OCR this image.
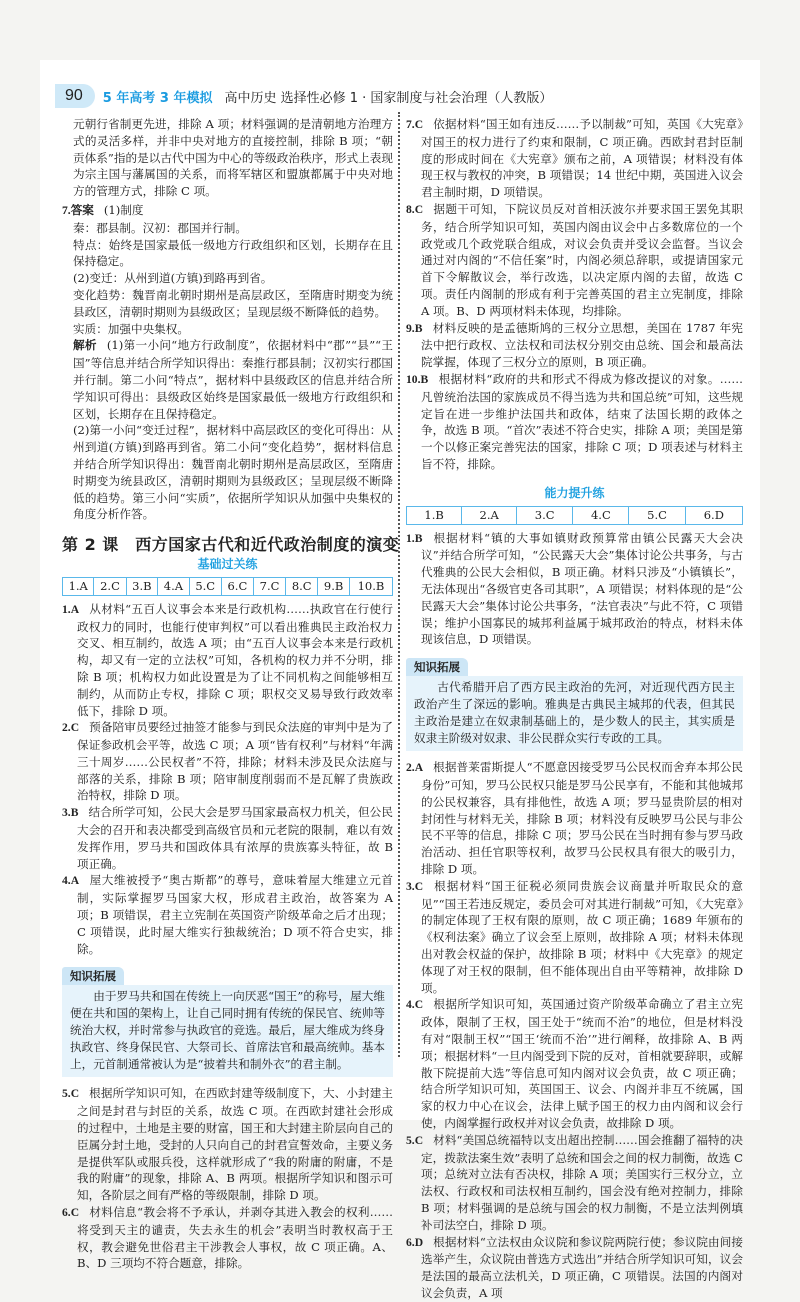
90	5 年高考 3 年模拟 高中历史 选择性必修 1 · 国家制度与社会治理（人教版）
元朝行省制更先进，排除 A 项；材料强调的是清朝地方治理方式的灵活多样，并非中央对地方的直接控制，排除 B 项；“朝贡体系”指的是以古代中国为中心的等级政治秩序，形式上表现为宗主国与藩属国的关系，而将军辖区和盟旗都属于中央对地方的管理方式，排除 C 项。
7.答案 (1)制度
秦：郡县制。汉初：郡国并行制。
特点：始终是国家最低一级地方行政组织和区划，长期存在且保持稳定。
(2)变迁：从州到道(方镇)到路再到省。
变化趋势：魏晋南北朝时期州是高层政区，至隋唐时期变为统县政区，清朝时期则为县级政区；呈现层级不断降低的趋势。
实质：加强中央集权。
解析 (1)第一小问“地方行政制度”，依据材料中“郡”“县”“王国”等信息并结合所学知识得出：秦推行郡县制；汉初实行郡国并行制。第二小问“特点”，据材料中县级政区的信息并结合所学知识可得出：县级政区始终是国家最低一级地方行政组织和区划，长期存在且保持稳定。
(2)第一小问“变迁过程”，据材料中高层政区的变化可得出：从州到道(方镇)到路再到省。第二小问“变化趋势”，据材料信息并结合所学知识得出：魏晋南北朝时期州是高层政区，至隋唐时期变为统县政区，清朝时期则为县级政区；呈现层级不断降低的趋势。第三小问“实质”，依据所学知识从加强中央集权的角度分析作答。
第 2 课　西方国家古代和近代政治制度的演变
基础过关练
1.A	2.C	3.B	4.A	5.C	6.C	7.C	8.C	9.B	10.B
1.A 从材料“五百人议事会本来是行政机构……执政官在行使行政权力的同时，也能行使审判权”可以看出雅典民主政治权力交叉、相互制约，故选 A 项；由“五百人议事会本来是行政机构，却又有一定的立法权”可知，各机构的权力并不分明，排除 B 项；机构权力如此设置是为了让不同机构之间能够相互制约，从而防止专权，排除 C 项；职权交叉易导致行政效率低下，排除 D 项。
2.C 预备陪审员要经过抽签才能参与到民众法庭的审判中是为了保证参政机会平等，故选 C 项；A 项“皆有权利”与材料“年满三十周岁……公民权者”不符，排除；材料未涉及民众法庭与部落的关系，排除 B 项；陪审制度削弱而不是瓦解了贵族政治特权，排除 D 项。
3.B 结合所学可知，公民大会是罗马国家最高权力机关，但公民大会的召开和表决都受到高级官员和元老院的限制，难以有效发挥作用，罗马共和国政体具有浓厚的贵族寡头特征，故 B 项正确。
4.A 屋大维被授予“奥古斯都”的尊号，意味着屋大维建立元首制，实际掌握罗马国家大权，形成君主政治，故答案为 A 项；B 项错误，君主立宪制在英国资产阶级革命之后才出现；C 项错误，此时屋大维实行独裁统治；D 项不符合史实，排除。
知识拓展
由于罗马共和国在传统上一向厌恶“国王”的称号，屋大维便在共和国的架构上，让自己同时拥有传统的保民官、统帅等统治大权，并时常参与执政官的竞选。最后，屋大维成为终身执政官、终身保民官、大祭司长、首席法官和最高统帅。基本上，元首制通常被认为是“披着共和制外衣”的君主制。
5.C 根据所学知识可知，在西欧封建等级制度下，大、小封建主之间是封君与封臣的关系，故选 C 项。在西欧封建社会形成的过程中，土地是主要的财富，国王和大封建主阶层向自己的臣属分封土地，受封的人只向自己的封君宣誓效命，主要义务是提供军队或服兵役，这样就形成了“我的附庸的附庸，不是我的附庸”的现象，排除 A、B 两项。根据所学知识和图示可知，各阶层之间有严格的等级限制，排除 D 项。
6.C 材料信息“教会将不予承认，并剥夺其进入教会的权利……将受到天主的谴责，失去永生的机会”表明当时教权高于王权，教会避免世俗君主干涉教会人事权，故 C 项正确。A、B、D 三项均不符合题意，排除。
7.C 依据材料“国王如有违反……予以制裁”可知，英国《大宪章》对国王的权力进行了约束和限制，C 项正确。西欧封君封臣制度的形成时间在《大宪章》颁布之前，A 项错误；材料没有体现王权与教权的冲突，B 项错误；14 世纪中期，英国进入议会君主制时期，D 项错误。
8.C 据题干可知，下院议员反对首相沃波尔并要求国王罢免其职务，结合所学知识可知，英国内阁由议会中占多数席位的一个政党或几个政党联合组成，对议会负责并受议会监督。当议会通过对内阁的“不信任案”时，内阁必须总辞职，或提请国家元首下令解散议会，举行改选，以决定原内阁的去留，故选 C 项。责任内阁制的形成有利于完善英国的君主立宪制度，排除 A 项。B、D 两项材料未体现，均排除。
9.B 材料反映的是孟德斯鸠的三权分立思想，美国在 1787 年宪法中把行政权、立法权和司法权分别交由总统、国会和最高法院掌握，体现了三权分立的原则，B 项正确。
10.B 根据材料“政府的共和形式不得成为修改提议的对象。……凡曾统治法国的家族成员不得当选为共和国总统”可知，这些规定旨在进一步维护法国共和政体，结束了法国长期的政体之争，故选 B 项。“首次”表述不符合史实，排除 A 项；美国是第一个以修正案完善宪法的国家，排除 C 项；D 项表述与材料主旨不符，排除。
能力提升练
1.B	2.A	3.C	4.C	5.C	6.D
1.B 根据材料“镇的大事如镇财政预算常由镇公民露天大会决议”并结合所学可知，“公民露天大会”集体讨论公共事务，与古代雅典的公民大会相似，B 项正确。材料只涉及“小镇镇长”，无法体现出“各级官吏各司其职”，A 项错误；材料体现的是“公民露天大会”集体讨论公共事务，“法官表决”与此不符，C 项错误；维护小国寡民的城邦利益属于城邦政治的特点，材料未体现该信息，D 项错误。
知识拓展
古代希腊开启了西方民主政治的先河，对近现代西方民主政治产生了深远的影响。雅典是古典民主城邦的代表，但其民主政治是建立在奴隶制基础上的，是少数人的民主，其实质是奴隶主阶级对奴隶、非公民群众实行专政的工具。
2.A 根据普莱雷斯提人“不愿意因接受罗马公民权而舍弃本邦公民身份”可知，罗马公民权只能是罗马公民享有，不能和其他城邦的公民权兼容，具有排他性，故选 A 项；罗马显贵阶层的相对封闭性与材料无关，排除 B 项；材料没有反映罗马公民与非公民不平等的信息，排除 C 项；罗马公民在当时拥有参与罗马政治活动、担任官职等权利，故罗马公民权具有很大的吸引力，排除 D 项。
3.C 根据材料“国王征税必须同贵族会议商量并听取民众的意见”“国王若违反规定，委员会可对其进行制裁”可知，《大宪章》的制定体现了王权有限的原则，故 C 项正确；1689 年颁布的《权利法案》确立了议会至上原则，故排除 A 项；材料未体现出对教会权益的保护，故排除 B 项；材料中《大宪章》的规定体现了对王权的限制，但不能体现出自由平等精神，故排除 D 项。
4.C 根据所学知识可知，英国通过资产阶级革命确立了君主立宪政体，限制了王权，国王处于“统而不治”的地位，但是材料没有对“限制王权”“国王‘统而不治’”进行阐释，故排除 A、B 两项；根据材料“一旦内阁受到下院的反对，首相就要辞职，或解散下院提前大选”等信息可知内阁对议会负责，故 C 项正确；结合所学知识可知，英国国王、议会、内阁并非互不统属，国家的权力中心在议会，法律上赋予国王的权力由内阁和议会行使，内阁掌握行政权并对议会负责，故排除 D 项。
5.C 材料“美国总统福特以支出超出控制……国会推翻了福特的决定，拨款法案生效”表明了总统和国会之间的权力制衡，故选 C 项；总统对立法有否决权，排除 A 项；美国实行三权分立，立法权、行政权和司法权相互制约，国会没有绝对控制力，排除 B 项；材料强调的是总统与国会的权力制衡，不是立法判例填补司法空白，排除 D 项。
6.D 根据材料“立法权由众议院和参议院两院行使；参议院由间接选举产生，众议院由普选方式选出”并结合所学知识可知，议会是法国的最高立法机关，D 项正确，C 项错误。法国的内阁对议会负责，A 项
